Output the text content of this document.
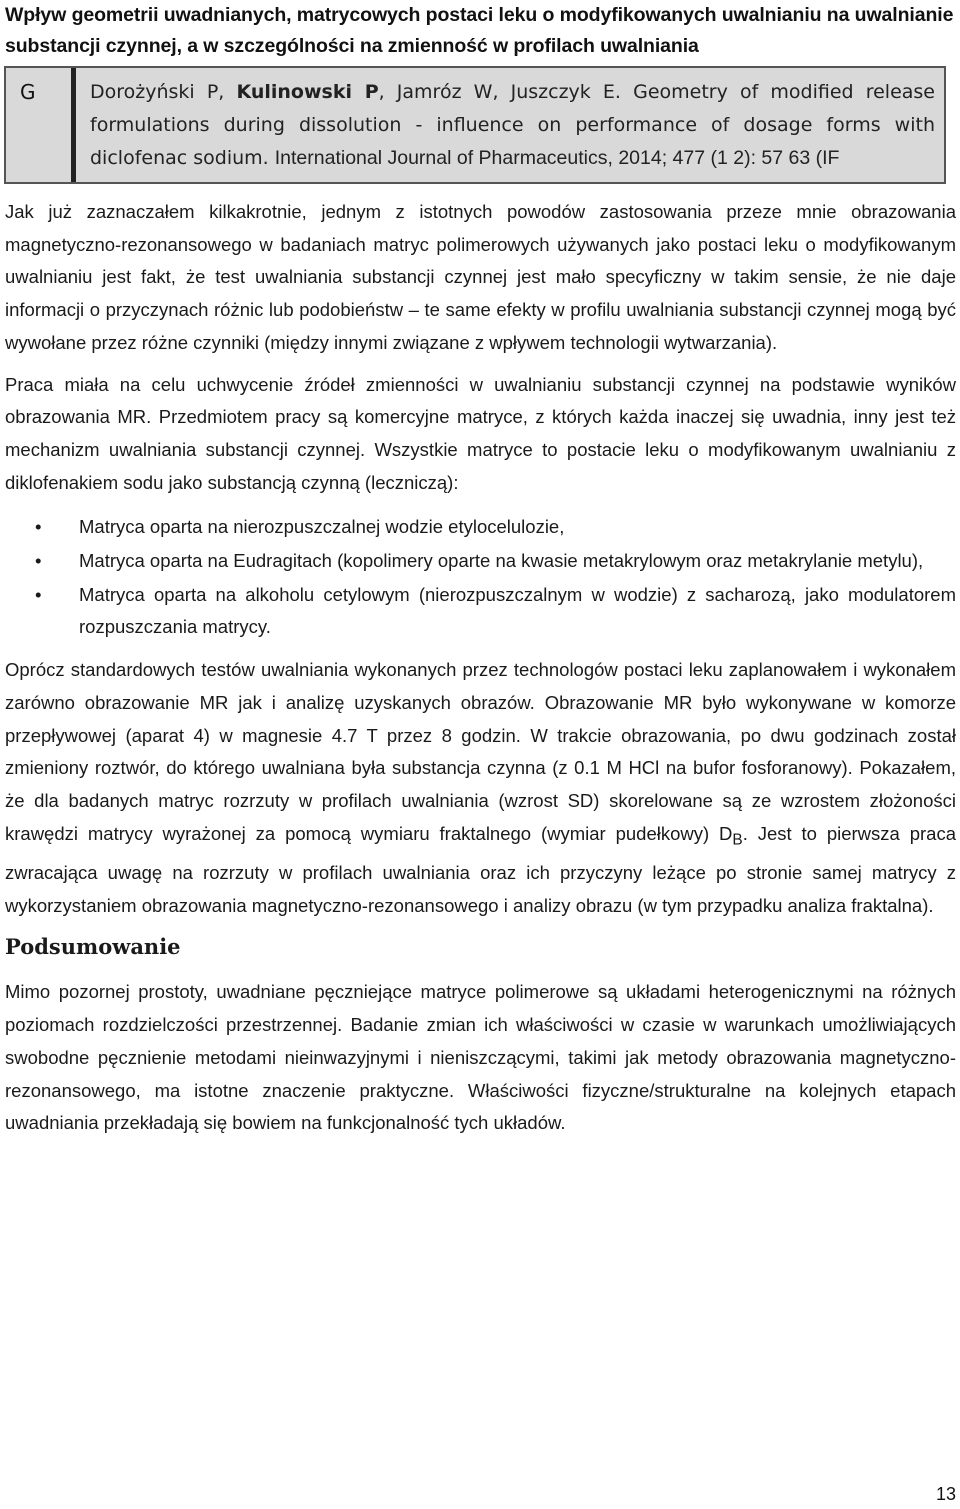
Wpływ geometrii uwadnianych, matrycowych postaci leku o modyfikowanych uwalnianiu na uwalnianie substancji czynnej, a w szczególności na zmienność w profilach uwalniania
G	Dorożyński P, Kulinowski P, Jamróz W, Juszczyk E. Geometry of modified release
formulations during dissolution - influence on performance of dosage forms with
diclofenac sodium. International Journal of Pharmaceutics, 2014; 477 (1 2): 57 63 (IF

Jak już zaznaczałem kilkakrotnie, jednym z istotnych powodów zastosowania przeze mnie obrazowania magnetyczno-rezonansowego w badaniach matryc polimerowych używanych jako postaci leku o modyfikowanym uwalnianiu jest fakt, że test uwalniania substancji czynnej jest mało specyficzny w takim sensie, że nie daje informacji o przyczynach różnic lub podobieństw – te same efekty w profilu uwalniania substancji czynnej mogą być wywołane przez różne czynniki (między innymi związane z wpływem technologii wytwarzania).

Praca miała na celu uchwycenie źródeł zmienności w uwalnianiu substancji czynnej na podstawie wyników obrazowania MR. Przedmiotem pracy są komercyjne matryce, z których każda inaczej się uwadnia, inny jest też mechanizm uwalniania substancji czynnej. Wszystkie matryce to postacie leku o modyfikowanym uwalnianiu z diklofenakiem sodu jako substancją czynną (leczniczą):

• Matryca oparta na nierozpuszczalnej wodzie etylocelulozie,
• Matryca oparta na Eudragitach (kopolimery oparte na kwasie metakrylowym oraz metakrylanie metylu),
• Matryca oparta na alkoholu cetylowym (nierozpuszczalnym w wodzie) z sacharozą, jako modulatorem rozpuszczania matrycy.

Oprócz standardowych testów uwalniania wykonanych przez technologów postaci leku zaplanowałem i wykonałem zarówno obrazowanie MR jak i analizę uzyskanych obrazów. Obrazowanie MR było wykonywane w komorze przepływowej (aparat 4) w magnesie 4.7 T przez 8 godzin. W trakcie obrazowania, po dwu godzinach został zmieniony roztwór, do którego uwalniana była substancja czynna (z 0.1 M HCl na bufor fosforanowy). Pokazałem, że dla badanych matryc rozrzuty w profilach uwalniania (wzrost SD) skorelowane są ze wzrostem złożoności krawędzi matrycy wyrażonej za pomocą wymiaru fraktalnego (wymiar pudełkowy) $D_B$. Jest to pierwsza praca zwracająca uwagę na rozrzuty w profilach uwalniania oraz ich przyczyny leżące po stronie samej matrycy z wykorzystaniem obrazowania magnetyczno-rezonansowego i analizy obrazu (w tym przypadku analiza fraktalna).

Podsumowanie

Mimo pozornej prostoty, uwadniane pęczniejące matryce polimerowe są układami heterogenicznymi na różnych poziomach rozdzielczości przestrzennej. Badanie zmian ich właściwości w czasie w warunkach umożliwiających swobodne pęcznienie metodami nieinwazyjnymi i nieniszczącymi, takimi jak metody obrazowania magnetyczno-rezonansowego, ma istotne znaczenie praktyczne. Właściwości fizyczne/strukturalne na kolejnych etapach uwadniania przekładają się bowiem na funkcjonalność tych układów.

13
